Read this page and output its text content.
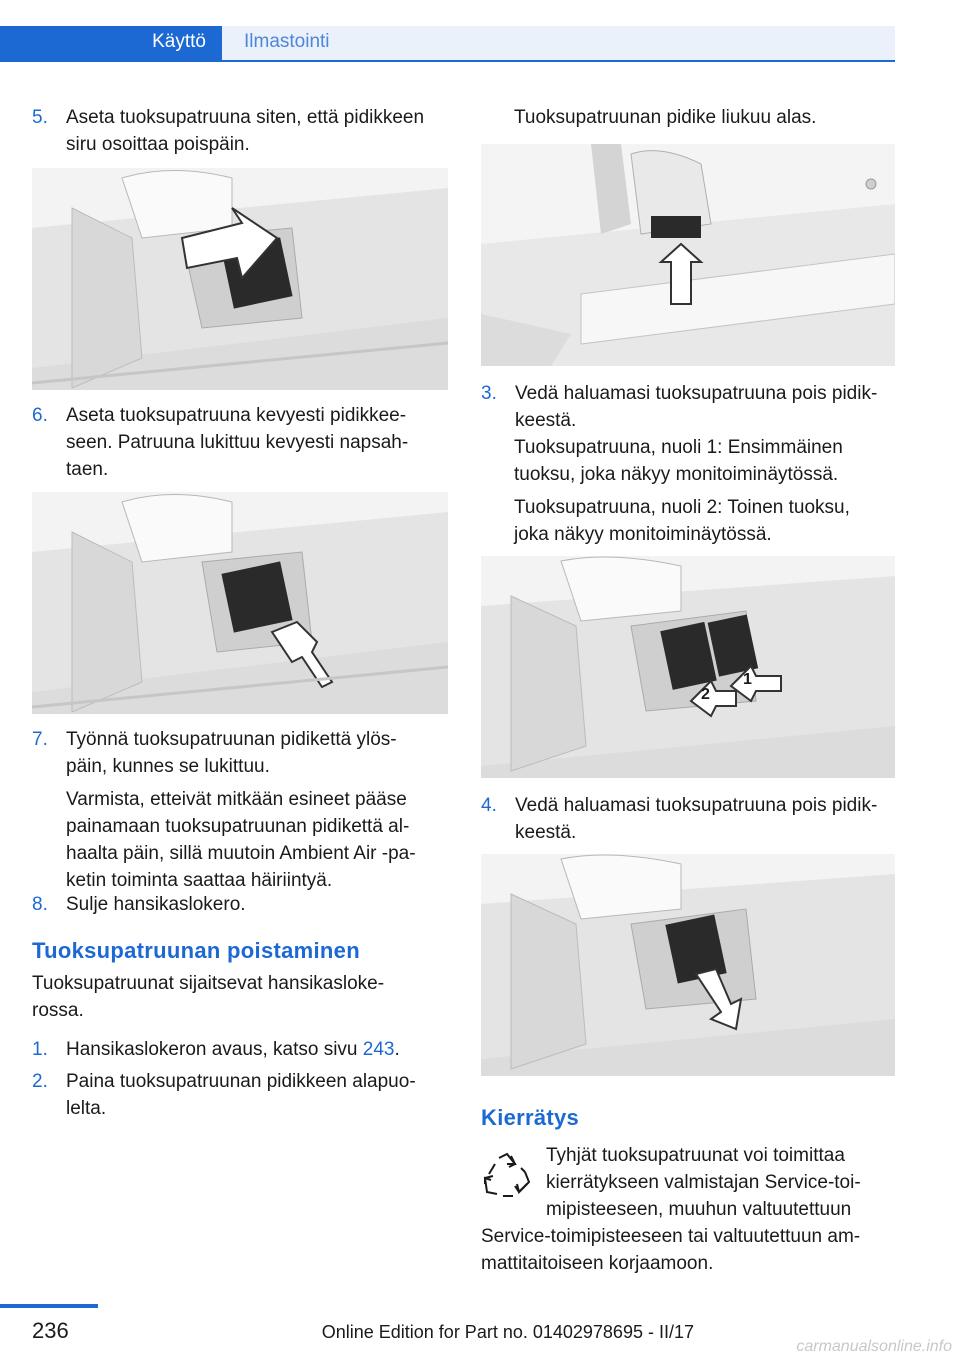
Käyttö Ilmastointi
5. Aseta tuoksupatruuna siten, että pidikkeen
siru osoittaa poispäin.
6. Aseta tuoksupatruuna kevyesti pidikkee‐
seen. Patruuna lukittuu kevyesti napsah‐
taen.
7. Työnnä tuoksupatruunan pidikettä ylös‐
päin, kunnes se lukittuu.
Varmista, etteivät mitkään esineet pääse
painamaan tuoksupatruunan pidikettä al‐
haalta päin, sillä muutoin Ambient Air ‑pa‐
ketin toiminta saattaa häiriintyä.
8. Sulje hansikaslokero.
Tuoksupatruunan poistaminen
Tuoksupatruunat sijaitsevat hansikasloke‐
rossa.
1. Hansikaslokeron avaus, katso sivu 243.
2. Paina tuoksupatruunan pidikkeen alapuo‐
lelta.
Tuoksupatruunan pidike liukuu alas.
3. Vedä haluamasi tuoksupatruuna pois pidik‐
keestä.
Tuoksupatruuna, nuoli 1: Ensimmäinen
tuoksu, joka näkyy monitoiminäytössä.
Tuoksupatruuna, nuoli 2: Toinen tuoksu,
joka näkyy monitoiminäytössä.
2
1
4. Vedä haluamasi tuoksupatruuna pois pidik‐
keestä.
Kierrätys
Tyhjät tuoksupatruunat voi toimittaa
kierrätykseen valmistajan Service-toi‐
mipisteeseen, muuhun valtuutettuun
Service-toimipisteeseen tai valtuutettuun am‐
mattitaitoiseen korjaamoon.
236	Online Edition for Part no. 01402978695 - II/17
carmanualsonline.info
